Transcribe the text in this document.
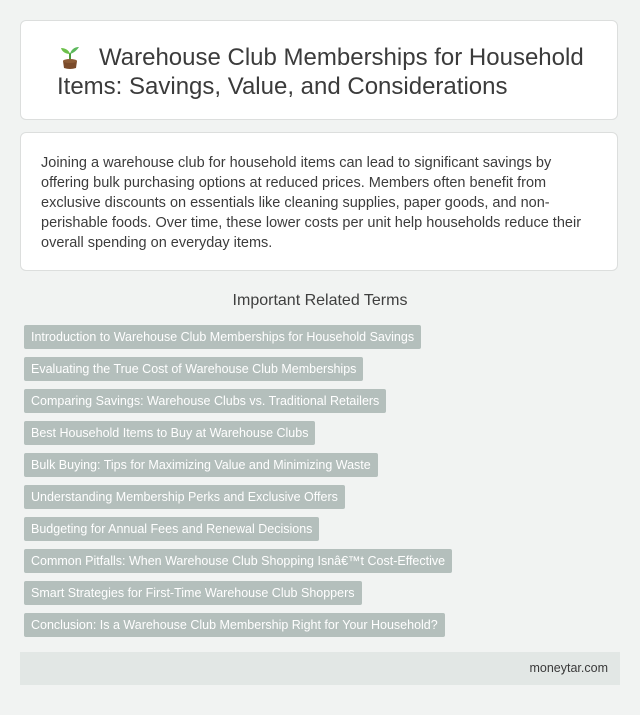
Warehouse Club Memberships for Household
Items: Savings, Value, and Considerations

Joining a warehouse club for household items can lead to significant savings by offering bulk purchasing options at reduced prices. Members often benefit from exclusive discounts on essentials like cleaning supplies, paper goods, and non-perishable foods. Over time, these lower costs per unit help households reduce their overall spending on everyday items.

Important Related Terms
Introduction to Warehouse Club Memberships for Household Savings
Evaluating the True Cost of Warehouse Club Memberships
Comparing Savings: Warehouse Clubs vs. Traditional Retailers
Best Household Items to Buy at Warehouse Clubs
Bulk Buying: Tips for Maximizing Value and Minimizing Waste
Understanding Membership Perks and Exclusive Offers
Budgeting for Annual Fees and Renewal Decisions
Common Pitfalls: When Warehouse Club Shopping Isnâ€™t Cost-Effective
Smart Strategies for First-Time Warehouse Club Shoppers
Conclusion: Is a Warehouse Club Membership Right for Your Household?
moneytar.com
